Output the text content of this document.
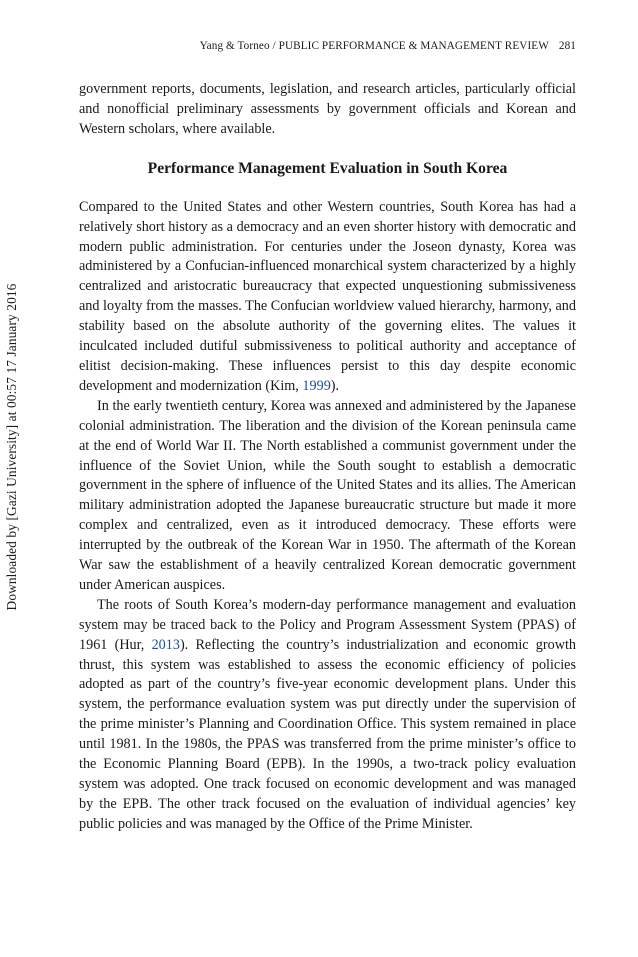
Yang & Torneo / PUBLIC PERFORMANCE & MANAGEMENT REVIEW 281
Downloaded by [Gazi University] at 00:57 17 January 2016

government reports, documents, legislation, and research articles, particularly official and nonofficial preliminary assessments by government officials and Korean and Western scholars, where available.

Performance Management Evaluation in South Korea

Compared to the United States and other Western countries, South Korea has had a relatively short history as a democracy and an even shorter history with democratic and modern public administration. For centuries under the Joseon dynasty, Korea was administered by a Confucian-influenced monarchical system characterized by a highly centralized and aristocratic bureaucracy that expected unquestioning submissiveness and loyalty from the masses. The Confucian worldview valued hierarchy, harmony, and stability based on the absolute authority of the governing elites. The values it inculcated included dutiful submissiveness to political authority and acceptance of elitist decision-making. These influences persist to this day despite economic development and modernization (Kim, 1999).

In the early twentieth century, Korea was annexed and administered by the Japanese colonial administration. The liberation and the division of the Korean peninsula came at the end of World War II. The North established a communist government under the influence of the Soviet Union, while the South sought to establish a democratic government in the sphere of influence of the United States and its allies. The American military administration adopted the Japanese bureaucratic structure but made it more complex and centralized, even as it introduced democracy. These efforts were interrupted by the outbreak of the Korean War in 1950. The aftermath of the Korean War saw the establishment of a heavily centralized Korean democratic government under American auspices.

The roots of South Korea’s modern-day performance management and evaluation system may be traced back to the Policy and Program Assessment System (PPAS) of 1961 (Hur, 2013). Reflecting the country’s industrialization and economic growth thrust, this system was established to assess the economic efficiency of policies adopted as part of the country’s five-year economic development plans. Under this system, the performance evaluation system was put directly under the supervision of the prime minister’s Planning and Coordination Office. This system remained in place until 1981. In the 1980s, the PPAS was transferred from the prime minister’s office to the Economic Planning Board (EPB). In the 1990s, a two-track policy evaluation system was adopted. One track focused on economic development and was managed by the EPB. The other track focused on the evaluation of individual agencies’ key public policies and was managed by the Office of the Prime Minister.
